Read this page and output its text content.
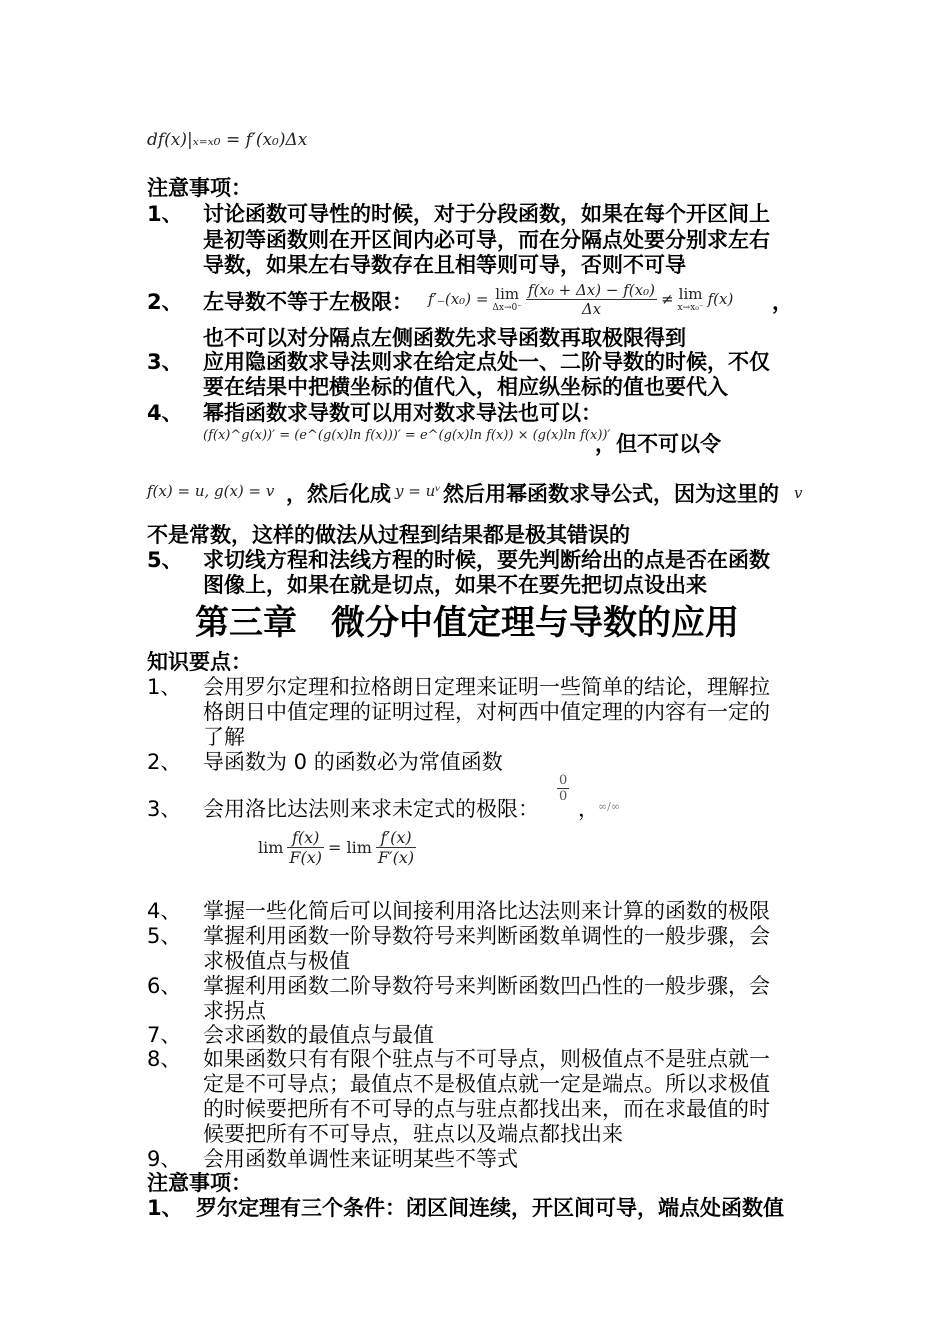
df(x)|ₓ₌ₓ₀ = f′(x₀)Δx
注意事项：
1、 讨论函数可导性的时候，对于分段函数，如果在每个开区间上
是初等函数则在开区间内必可导，而在分隔点处要分别求左右
导数，如果左右导数存在且相等则可导，否则不可导
2、 左导数不等于左极限： f′₋(x₀) = lim
$\Delta x\to 0^- \frac{\text{f(x₀ + Δx) − f(x₀)}}{\Delta x} \ne \lim$
x→x₀⁻ f(x) ，
也不可以对分隔点左侧函数先求导函数再取极限得到
3、 应用隐函数求导法则求在给定点处一、二阶导数的时候，不仅
要在结果中把横坐标的值代入，相应纵坐标的值也要代入
4、 幂指函数求导数可以用对数求导法也可以：
(f(x)^g(x))′ = (e^(g(x)ln f(x)))′ = e^(g(x)ln f(x)) × (g(x)ln f(x))′
，但不可以令
f(x) = u, g(x) = v ，然后化成 y = uᵛ 然后用幂函数求导公式，因为这里的 v
不是常数，这样的做法从过程到结果都是极其错误的
5、 求切线方程和法线方程的时候，要先判断给出的点是否在函数
图像上，如果在就是切点，如果不在要先把切点设出来
第三章　微分中值定理与导数的应用
知识要点：
1、 会用罗尔定理和拉格朗日定理来证明一些简单的结论，理解拉
格朗日中值定理的证明过程，对柯西中值定理的内容有一定的
了解
2、 导函数为 0 的函数必为常值函数
3、 会用洛比达法则来求未定式的极限：
$\frac{0}{0}$
， ∞/∞
$\lim \frac{f(x)}{F(x)} = \lim \frac{f'(x)}{F'(x)}$
4、 掌握一些化简后可以间接利用洛比达法则来计算的函数的极限
5、 掌握利用函数一阶导数符号来判断函数单调性的一般步骤，会
求极值点与极值
6、 掌握利用函数二阶导数符号来判断函数凹凸性的一般步骤，会
求拐点
7、 会求函数的最值点与最值
8、 如果函数只有有限个驻点与不可导点，则极值点不是驻点就一
定是不可导点；最值点不是极值点就一定是端点。所以求极值
的时候要把所有不可导的点与驻点都找出来，而在求最值的时
候要把所有不可导点，驻点以及端点都找出来
9、 会用函数单调性来证明某些不等式
注意事项：
1、 罗尔定理有三个条件：闭区间连续，开区间可导，端点处函数值
